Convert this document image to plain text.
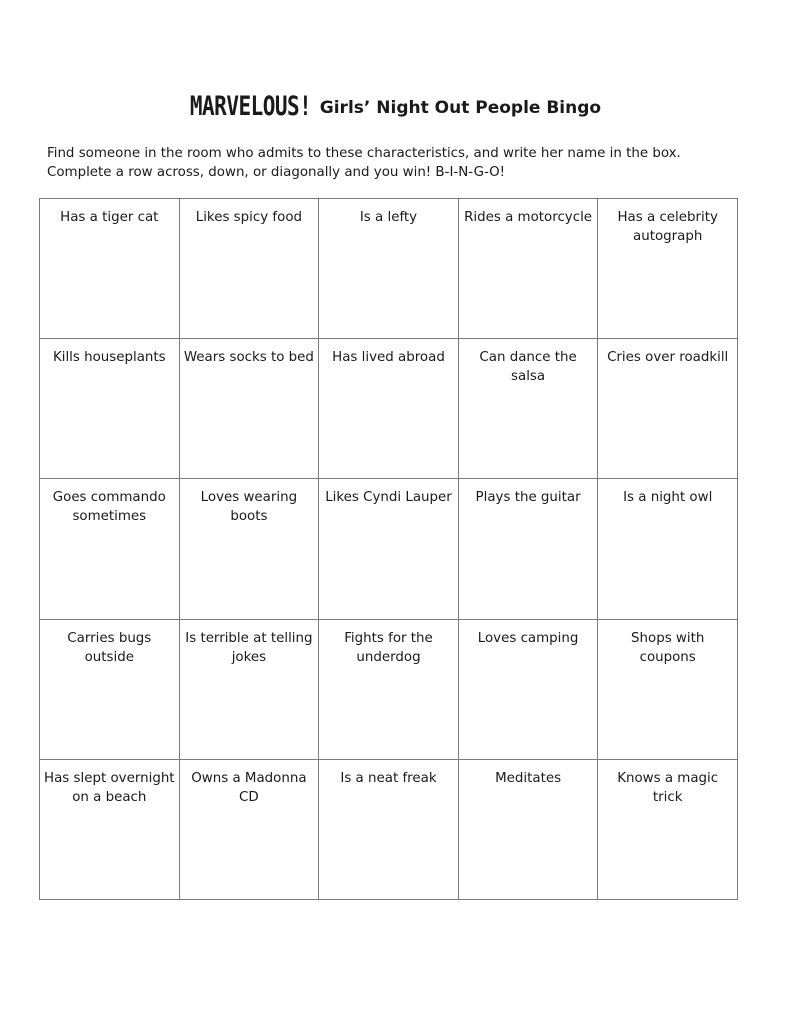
MARVELOUS! Girls’ Night Out People Bingo

Find someone in the room who admits to these characteristics, and write her name in the box. Complete a row across, down, or diagonally and you win! B-I-N-G-O!

Has a tiger cat	Likes spicy food	Is a lefty	Rides a motorcycle	Has a celebrity autograph
Kills houseplants	Wears socks to bed	Has lived abroad	Can dance the salsa	Cries over roadkill
Goes commando sometimes	Loves wearing boots	Likes Cyndi Lauper	Plays the guitar	Is a night owl
Carries bugs outside	Is terrible at telling jokes	Fights for the underdog	Loves camping	Shops with coupons
Has slept overnight on a beach	Owns a Madonna CD	Is a neat freak	Meditates	Knows a magic trick
